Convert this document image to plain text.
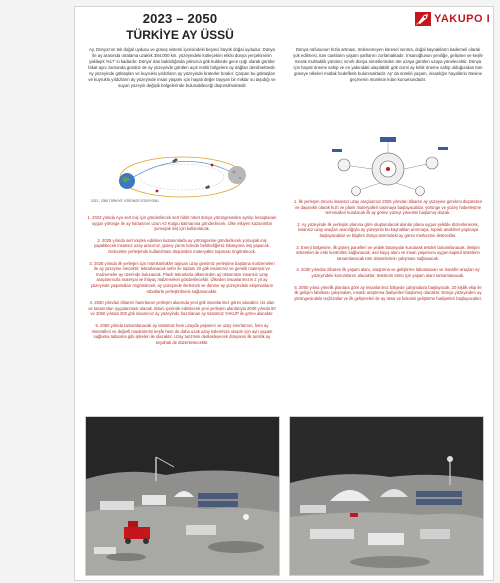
2023 – 2050
TÜRKİYE AY ÜSSÜ
YAKUPO I
Ay, Dünya’nın tek doğal uydusu ve güneş sistemi içerisindeki beşinci büyük doğal uydudur. Dünya ile ay arasında ortalama uzaklık 384.000 km. yüzeyindeki kütleçekim etkisi dünya yerçekiminin yaklaşık %17’ si kadardır. Dünya’ dan bakıldığında yalnızca gök kubbede gece ışığı olarak görülür fakat aynı zamanda gündüz de ay yüzeyinde görülen açık renkli bölgelere ay dağları denilmektedir. Ay yüzeyinde göktaşları ve kuyruklu yıldızların ay yüzeyinde kraterler bırakır. Çarpan bu göktaşları ve kuyruklu yıldızların ay yüzeyinde insan yaşamı için hayati değer taşıyan bir miktar su taşıdığı ve suyun yüzeyin değişik bölgelerinde bulunabileceği düşünülmektedir
2023 - 2050 TÜRKİYE YÖRÜNGE İSTASYONU

1. 2023 yılında Aya sert iniş için gönderilecek sert hibrit roket dünya yörüngesinden ayrılıp hesaplanan uygun yörünge ile ay hartasının uzun A3 Kuşpu katmanına gönderilecek. Ülke etkiyen kazanımlar yumuşak iniş için kullanılacak.

2. 2025 yılında sert inişten edinilen kazanımlarla ay yörüngesine gönderilecek yumuşak iniş yapabilecek insansız uzay aracımız, güney yarım kürede belirlediğimiz lokasyona iniş yapacak. Gelecekte yerleşimde kullanılması düşünülen materyaller taşıması öngörülecek.

3. 2028 yılında ilk yerleşim için mümkünlükler taşıyan uzay gemimiz yerleşime başlama malzemeleri ile ay yüzeyine inecektir; tekrarlanacak sefer ile toplam 20 gök insanımız ve gerekli materyal ve malzemeler ay üzerinde bulunacak. Planlı tekrarlarla ülkemizden ay üssümüze insansız uzay araçlarımızla materyal ve ihtiyaç malzemeleri gönderilecektir. Ülkeden insanlarımızın 2 yıl ay yüzeyinde yaşamaları öngörülecek; ay yüzeyinde ilerlemek ve dönme ay yüzeyindeki ekipmanların robotlarla yerleştirilmesi sağlanacaktır.

4. 2030 yılından itibaren hazırlanan yerleşim alanında yeni gök insanlarımız görev alacaktır. Üs alan ve tasarımları uygulanması olacak. Biluni içerinde edinilecek yeni yerleşim alanlarıyla 2040 yılında 60 ve 2050 yılında 200 gök insanımız ay yüzeyinde hazırlanan ay üssümüz YAKUP ile görev alacaktır.

5. 2050 yılında tamamlanacak ay üssümüz hem uzayda yaşamın ve uzay sınırlarının, hem ay mineralleri ve değerli madenlerini keşfe hem de daha uzak uzay üslerimize ulaşım için ayrı yaşam sağlama tatlanma gibi işlevleri ile olacaktır. Uzay turizmini destekleyecek dünyanın ilk turistik ay seyahati de düzenlenecektir.

Dünya nüfusunun hızla artması, önlenemeyen küresel ısınma, doğal kaynakların kademeli olarak yok edilmesi, tüm canlıların yaşam şartlarını zorlamaktadır. İnsanoğlunun yeniliğe, gelişime ve keşfe merak muhtaklık yönünü; sınırlı dünya nimetlerinden öte uzaya görülen uzaya yönelecektir. Dünya için hayati öneme sahip ve en yakındaki ulaşılabilir gök cismi ay kritik öneme sahip olduğundan tüm güneye ülkeleri mutlak hedeflerle bulunmaktadır. Ay’ da süreklı yaşam, insanlığın hayallerin ötesine geçmenin mümkün kılan konumundadır.

1. İlk yerleşim öncesi insansız uzay araçlarımız 2025 yılından itibaren ay yüzeyine gerekmi düşünülen ve dayanıklı olarak hızlı ve planlı materyalleri taşımaya başlayacaklar, yörünge ve yüzey haberleşme terminalleri kurulacak ilk ay görevi yüzeyi yönetimi başlamış olacak.

2. Ay yüzeyinde ilk yerleşim planına göre oluşturulacak alanlar plana uygun şekilde düzenlenecek, insansız uzay araçları aracılığıyla ay yüzeyinin bu kaynakları arınmaya, toprak analizleri yapmaya başlayacaklar ve bilgileri dünya üzerindeki ay görev merkezine iletecekler.

3. Enerji bölgesine, ilk güneş panelleri ve yedek bataryalar kurularak testleri tamamlanacak, iletişim sistemleri ile enki kontrolleri sağlanacak, asıl kaçış alanı ve insan yaşamına uygun kapsül ünitelerin tamamlanacak tüm sistemlerinin çalışması sağlanacak.

4. 2030 yılından itibaren ilk yaşam alanı, araştırma ve geliştirme laboratuvarı ve transfer araçları ay yüzeyindeki konumlarını alacaklar; tesislerin tümü için yaşam alanı tamamlanacak.

5. 2050 yılına yönelik planlara göre ay insanlarımız bölgede çalışmalara başlayacak, 20 kişilik ekip ile ilk gelişim fabrikası çalışmaları, insanlı araştırma faaliyetleri başlamış olacaktır. Dünya yüzeyinden ay yörüngesindeki teçhizatlar ve ilk gelişmeleri ile ay üssü ve kolonisi geliştirme faaliyetleri başlayacaktır.
